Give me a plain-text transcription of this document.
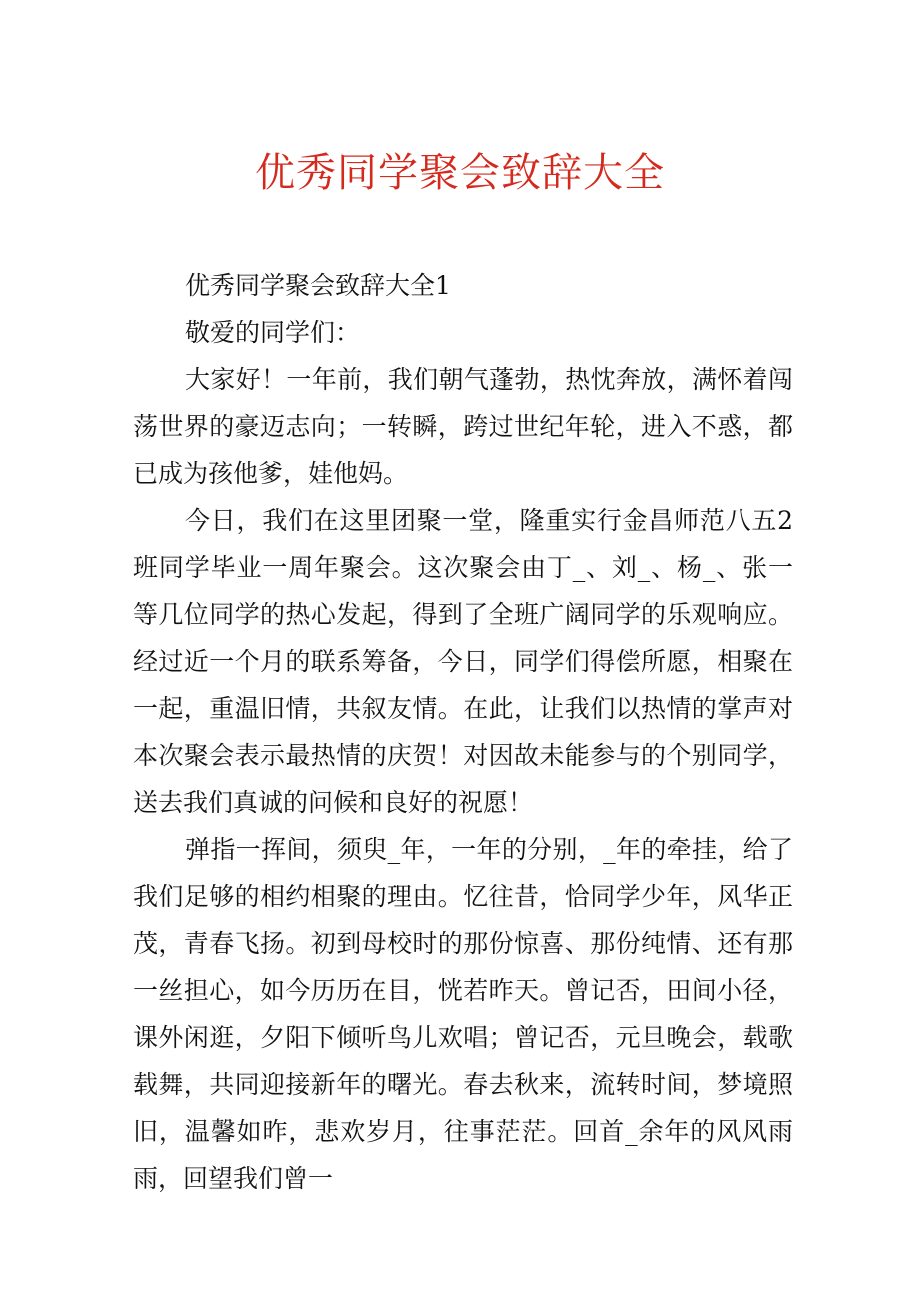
优秀同学聚会致辞大全

优秀同学聚会致辞大全1

敬爱的同学们：

大家好！一年前，我们朝气蓬勃，热忱奔放，满怀着闯荡世界的豪迈志向；一转瞬，跨过世纪年轮，进入不惑，都已成为孩他爹，娃他妈。

今日，我们在这里团聚一堂，隆重实行金昌师范八五2班同学毕业一周年聚会。这次聚会由丁_、刘_、杨_、张一等几位同学的热心发起，得到了全班广阔同学的乐观响应。经过近一个月的联系筹备，今日，同学们得偿所愿，相聚在一起，重温旧情，共叙友情。在此，让我们以热情的掌声对本次聚会表示最热情的庆贺！对因故未能参与的个别同学，送去我们真诚的问候和良好的祝愿！

弹指一挥间，须臾_年，一年的分别，_年的牵挂，给了我们足够的相约相聚的理由。忆往昔，恰同学少年，风华正茂，青春飞扬。初到母校时的那份惊喜、那份纯情、还有那一丝担心，如今历历在目，恍若昨天。曾记否，田间小径，课外闲逛，夕阳下倾听鸟儿欢唱；曾记否，元旦晚会，载歌载舞，共同迎接新年的曙光。春去秋来，流转时间，梦境照旧，温馨如昨，悲欢岁月，往事茫茫。回首_余年的风风雨雨，回望我们曾一
